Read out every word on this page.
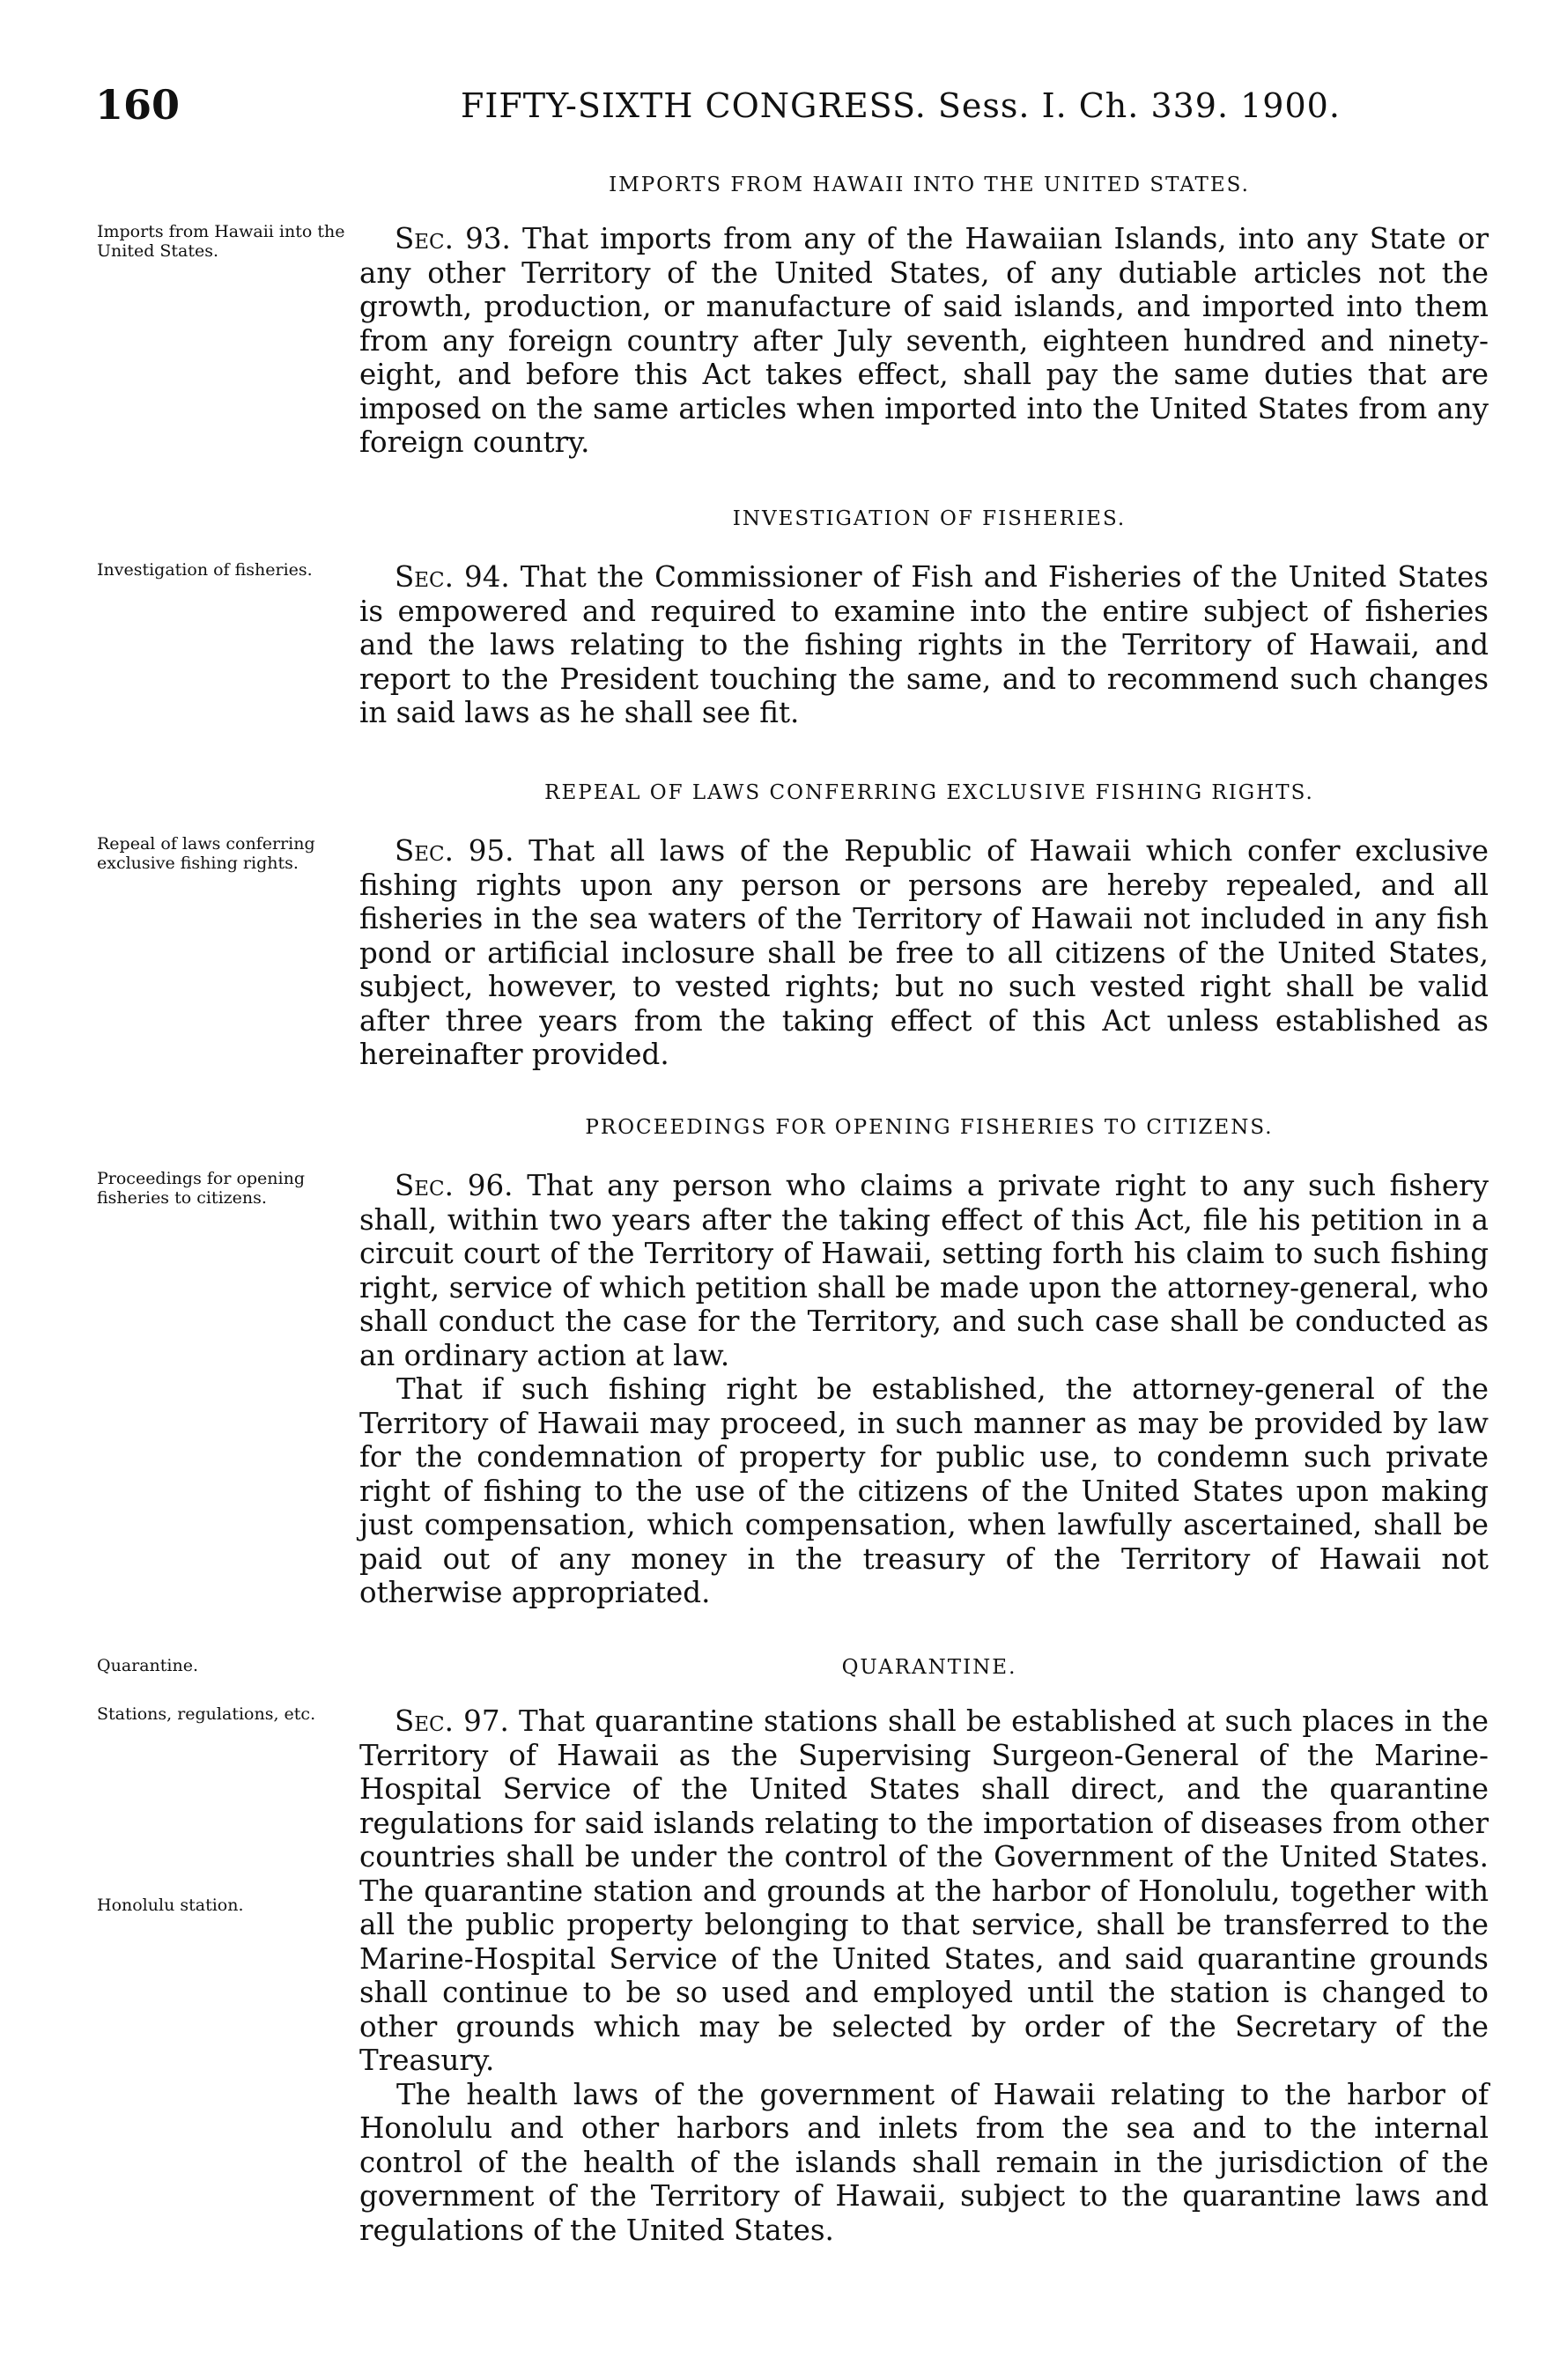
160	FIFTY-SIXTH CONGRESS. Sess. I. Ch. 339. 1900.
IMPORTS FROM HAWAII INTO THE UNITED STATES.
Imports from Hawaii into the United States.	Sec. 93. That imports from any of the Hawaiian Islands, into any State or any other Territory of the United States, of any dutiable articles not the growth, production, or manufacture of said islands, and imported into them from any foreign country after July seventh, eighteen hundred and ninety-eight, and before this Act takes effect, shall pay the same duties that are imposed on the same articles when imported into the United States from any foreign country.

INVESTIGATION OF FISHERIES.
Investigation of fisheries.	Sec. 94. That the Commissioner of Fish and Fisheries of the United States is empowered and required to examine into the entire subject of fisheries and the laws relating to the fishing rights in the Territory of Hawaii, and report to the President touching the same, and to recommend such changes in said laws as he shall see fit.

REPEAL OF LAWS CONFERRING EXCLUSIVE FISHING RIGHTS.
Repeal of laws conferring exclusive fishing rights.	Sec. 95. That all laws of the Republic of Hawaii which confer exclusive fishing rights upon any person or persons are hereby repealed, and all fisheries in the sea waters of the Territory of Hawaii not included in any fish pond or artificial inclosure shall be free to all citizens of the United States, subject, however, to vested rights; but no such vested right shall be valid after three years from the taking effect of this Act unless established as hereinafter provided.

PROCEEDINGS FOR OPENING FISHERIES TO CITIZENS.
Proceedings for opening fisheries to citizens.	Sec. 96. That any person who claims a private right to any such fishery shall, within two years after the taking effect of this Act, file his petition in a circuit court of the Territory of Hawaii, setting forth his claim to such fishing right, service of which petition shall be made upon the attorney-general, who shall conduct the case for the Territory, and such case shall be conducted as an ordinary action at law.

That if such fishing right be established, the attorney-general of the Territory of Hawaii may proceed, in such manner as may be provided by law for the condemnation of property for public use, to condemn such private right of fishing to the use of the citizens of the United States upon making just compensation, which compensation, when lawfully ascertained, shall be paid out of any money in the treasury of the Territory of Hawaii not otherwise appropriated.

Quarantine.	QUARANTINE.
Stations, regulations, etc.
Honolulu station.

Sec. 97. That quarantine stations shall be established at such places in the Territory of Hawaii as the Supervising Surgeon-General of the Marine-Hospital Service of the United States shall direct, and the quarantine regulations for said islands relating to the importation of diseases from other countries shall be under the control of the Government of the United States. The quarantine station and grounds at the harbor of Honolulu, together with all the public property belonging to that service, shall be transferred to the Marine-Hospital Service of the United States, and said quarantine grounds shall continue to be so used and employed until the station is changed to other grounds which may be selected by order of the Secretary of the Treasury.

The health laws of the government of Hawaii relating to the harbor of Honolulu and other harbors and inlets from the sea and to the internal control of the health of the islands shall remain in the jurisdiction of the government of the Territory of Hawaii, subject to the quarantine laws and regulations of the United States.
